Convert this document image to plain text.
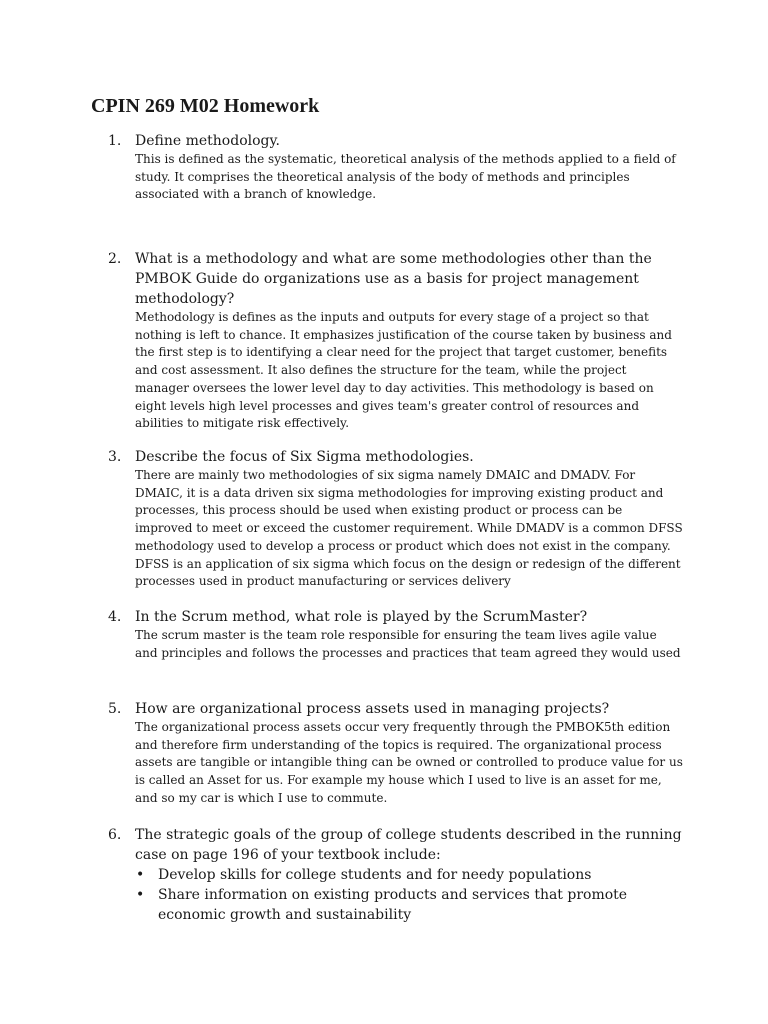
CPIN 269 M02 Homework
1. Define methodology.
This is defined as the systematic, theoretical analysis of the methods applied to a field of study. It comprises the theoretical analysis of the body of methods and principles associated with a branch of knowledge.
2. What is a methodology and what are some methodologies other than the PMBOK Guide do organizations use as a basis for project management methodology?
Methodology is defines as the inputs and outputs for every stage of a project so that nothing is left to chance. It emphasizes justification of the course taken by business and the first step is to identifying a clear need for the project that target customer, benefits and cost assessment. It also defines the structure for the team, while the project manager oversees the lower level day to day activities. This methodology is based on eight levels high level processes and gives team's greater control of resources and abilities to mitigate risk effectively.
3. Describe the focus of Six Sigma methodologies.
There are mainly two methodologies of six sigma namely DMAIC and DMADV. For DMAIC, it is a data driven six sigma methodologies for improving existing product and processes, this process should be used when existing product or process can be improved to meet or exceed the customer requirement. While DMADV is a common DFSS methodology used to develop a process or product which does not exist in the company. DFSS is an application of six sigma which focus on the design or redesign of the different processes used in product manufacturing or services delivery
4. In the Scrum method, what role is played by the ScrumMaster?
The scrum master is the team role responsible for ensuring the team lives agile value and principles and follows the processes and practices that team agreed they would used
5. How are organizational process assets used in managing projects?
The organizational process assets occur very frequently through the PMBOK5th edition and therefore firm understanding of the topics is required. The organizational process assets are tangible or intangible thing can be owned or controlled to produce value for us is called an Asset for us. For example my house which I used to live is an asset for me, and so my car is which I use to commute.
6. The strategic goals of the group of college students described in the running case on page 196 of your textbook include:
• Develop skills for college students and for needy populations
• Share information on existing products and services that promote economic growth and sustainability
